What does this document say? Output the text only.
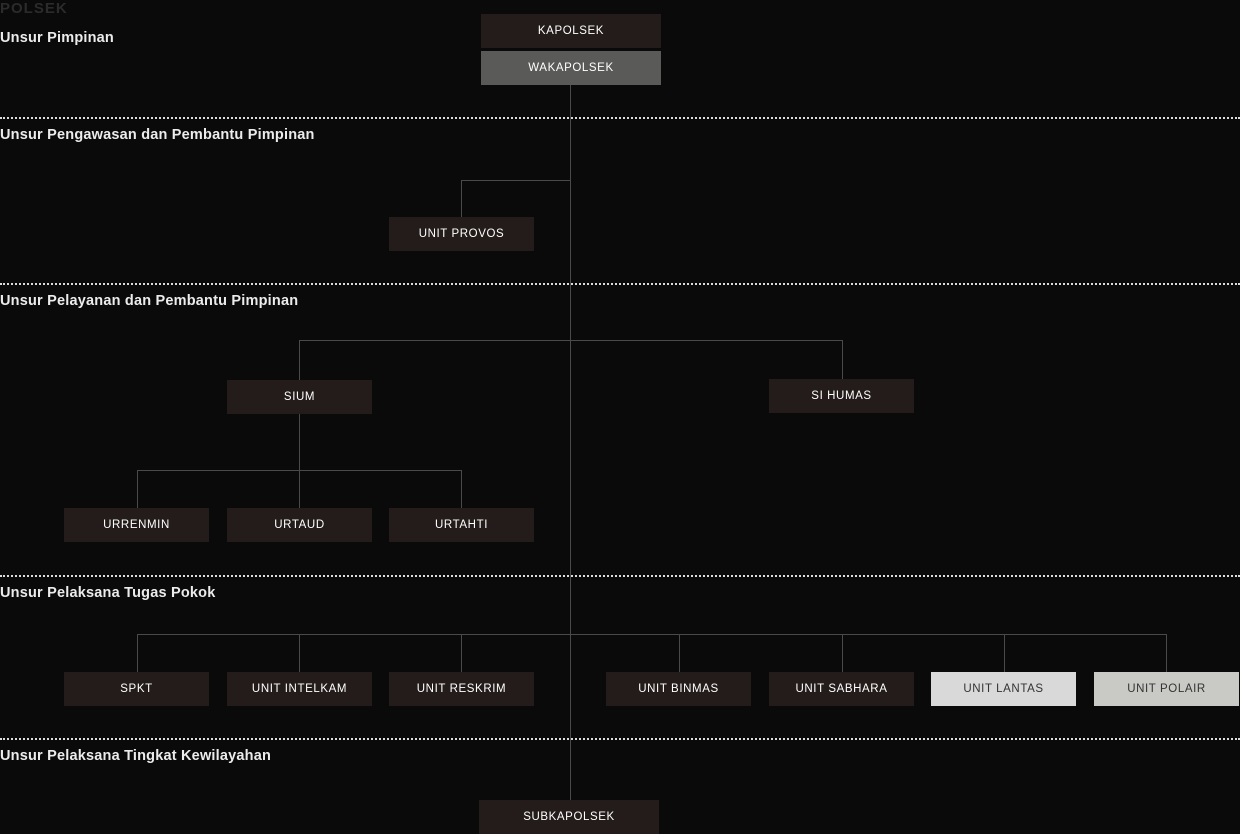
POLSEK
Unsur Pimpinan
Unsur Pengawasan dan Pembantu Pimpinan
Unsur Pelayanan dan Pembantu Pimpinan
Unsur Pelaksana Tugas Pokok
Unsur Pelaksana Tingkat Kewilayahan
KAPOLSEK
WAKAPOLSEK
UNIT PROVOS
SIUM	SI HUMAS
URRENMIN	URTAUD	URTAHTI
SPKT	UNIT INTELKAM	UNIT RESKRIM	UNIT BINMAS	UNIT SABHARA	UNIT LANTAS	UNIT POLAIR
SUBKAPOLSEK
